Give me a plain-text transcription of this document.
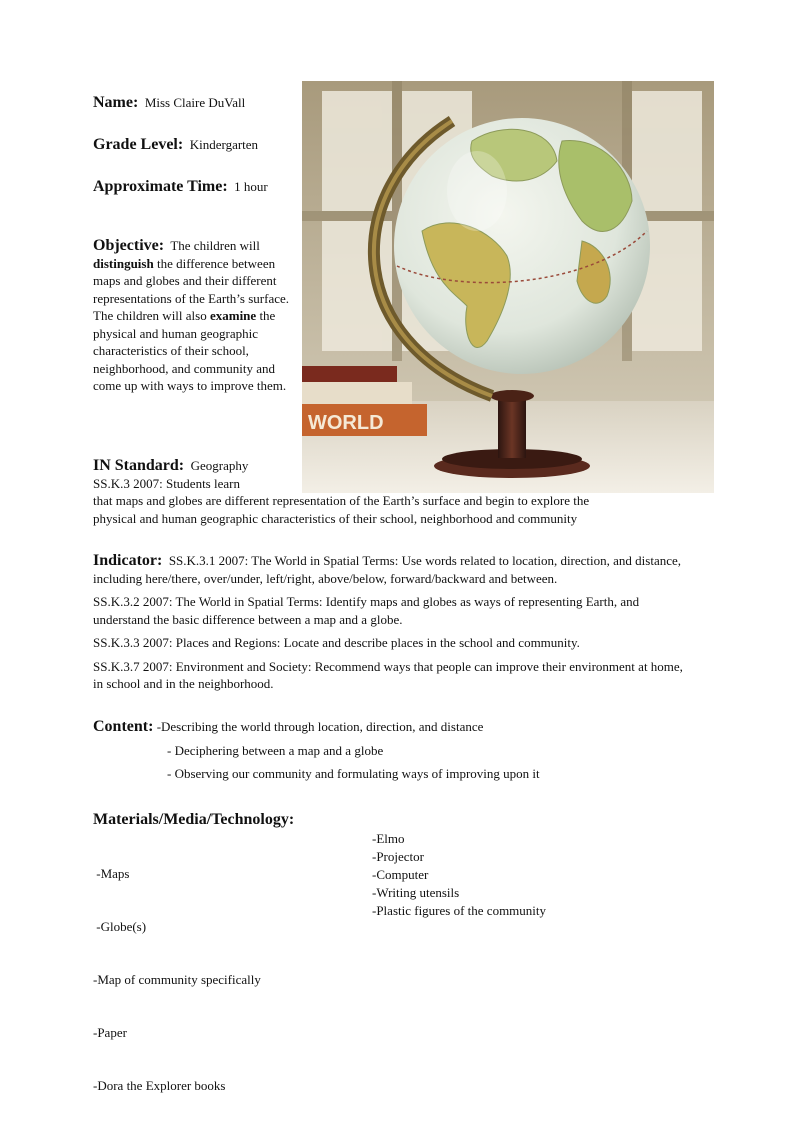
WORLD
Name: Miss Claire DuVall
Grade Level: Kindergarten
Approximate Time: 1 hour
Objective: The children will distinguish the difference between maps and globes and their different representations of the Earth’s surface. The children will also examine the physical and human geographic characteristics of their school, neighborhood, and community and come up with ways to improve them.
IN Standard: Geography
SS.K.3 2007: Students learn
that maps and globes are different representation of the Earth’s surface and begin to explore the
physical and human geographic characteristics of their school, neighborhood and community
Indicator: SS.K.3.1 2007: The World in Spatial Terms: Use words related to location, direction, and distance, including here/there, over/under, left/right, above/below, forward/backward and between.
SS.K.3.2 2007: The World in Spatial Terms: Identify maps and globes as ways of representing Earth, and understand the basic difference between a map and a globe.
SS.K.3.3 2007: Places and Regions: Locate and describe places in the school and community.
SS.K.3.7 2007: Environment and Society: Recommend ways that people can improve their environment at home, in school and in the neighborhood.
Content: -Describing the world through location, direction, and distance
- Deciphering between a map and a globe
- Observing our community and formulating ways of improving upon it
Materials/Media/Technology:

-Maps

-Globe(s)

-Map of community specifically

-Paper

-Dora the Explorer books

-Elmo
-Projector
-Computer
-Writing utensils
-Plastic figures of the community
